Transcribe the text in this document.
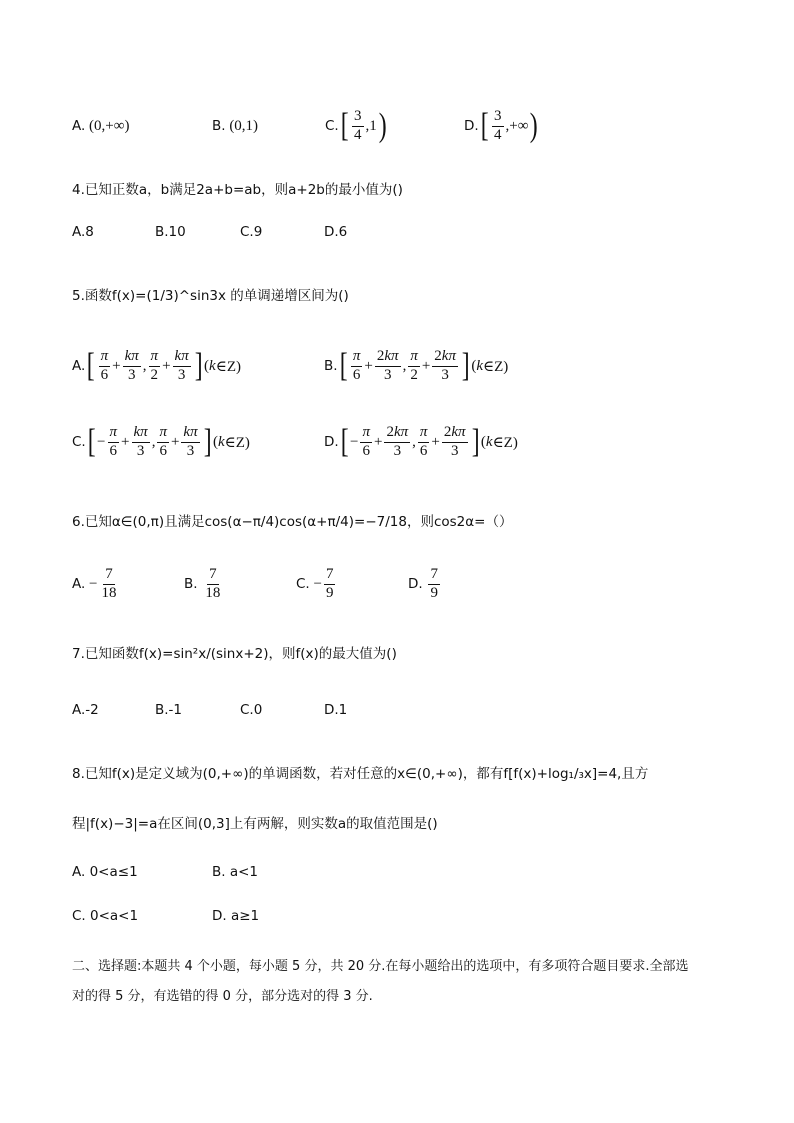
A. (0,+∞)	B. (0,1)	C. [ $\frac{3}{4} ,1$ )	D. [ $\frac{3}{4}$ ,+∞ )
4.已知正数a，b满足2a+b=ab，则a+2b的最小值为()
A.8	B.10	C.9	D.6
5.函数f(x)=(1/3)^sin3x 的单调递增区间为()
A. [ $\frac{\pi}{6} + \frac{k\pi}{3}$ , $\frac{\pi}{2} + \frac{k\pi}{3}$ ] ( k ∈Z)	B. [ $\frac{\pi}{6} + \frac{2k\pi}{3}$ , $\frac{\pi}{2} + \frac{2k\pi}{3}$ ] ( k ∈Z)
C. [ − $\frac{\pi}{6} + \frac{k\pi}{3}$ , $\frac{\pi}{6} + \frac{k\pi}{3}$ ] ( k ∈Z)	D. [ − $\frac{\pi}{6} + \frac{2k\pi}{3}$ , $\frac{\pi}{6} + \frac{2k\pi}{3}$ ] ( k ∈Z)
6.已知α∈(0,π)且满足cos(α−π/4)cos(α+π/4)=−7/18，则cos2α=（）
A. − $\frac{7}{18}$	B.
$\frac{7}{18}$	C. − $\frac{7}{9}$	D.
$\frac{7}{9}$
7.已知函数f(x)=sin²x/(sinx+2)，则f(x)的最大值为()
A.-2	B.-1	C.0	D.1
8.已知f(x)是定义域为(0,+∞)的单调函数，若对任意的x∈(0,+∞)，都有f[f(x)+log₁/₃x]=4,且方
程|f(x)−3|=a在区间(0,3]上有两解，则实数a的取值范围是()
A. 0<a≤1	B. a<1
C. 0<a<1	D. a≥1
二、选择题:本题共 4 个小题，每小题 5 分，共 20 分.在每小题给出的选项中，有多项符合题目要求.全部选
对的得 5 分，有选错的得 0 分，部分选对的得 3 分.
